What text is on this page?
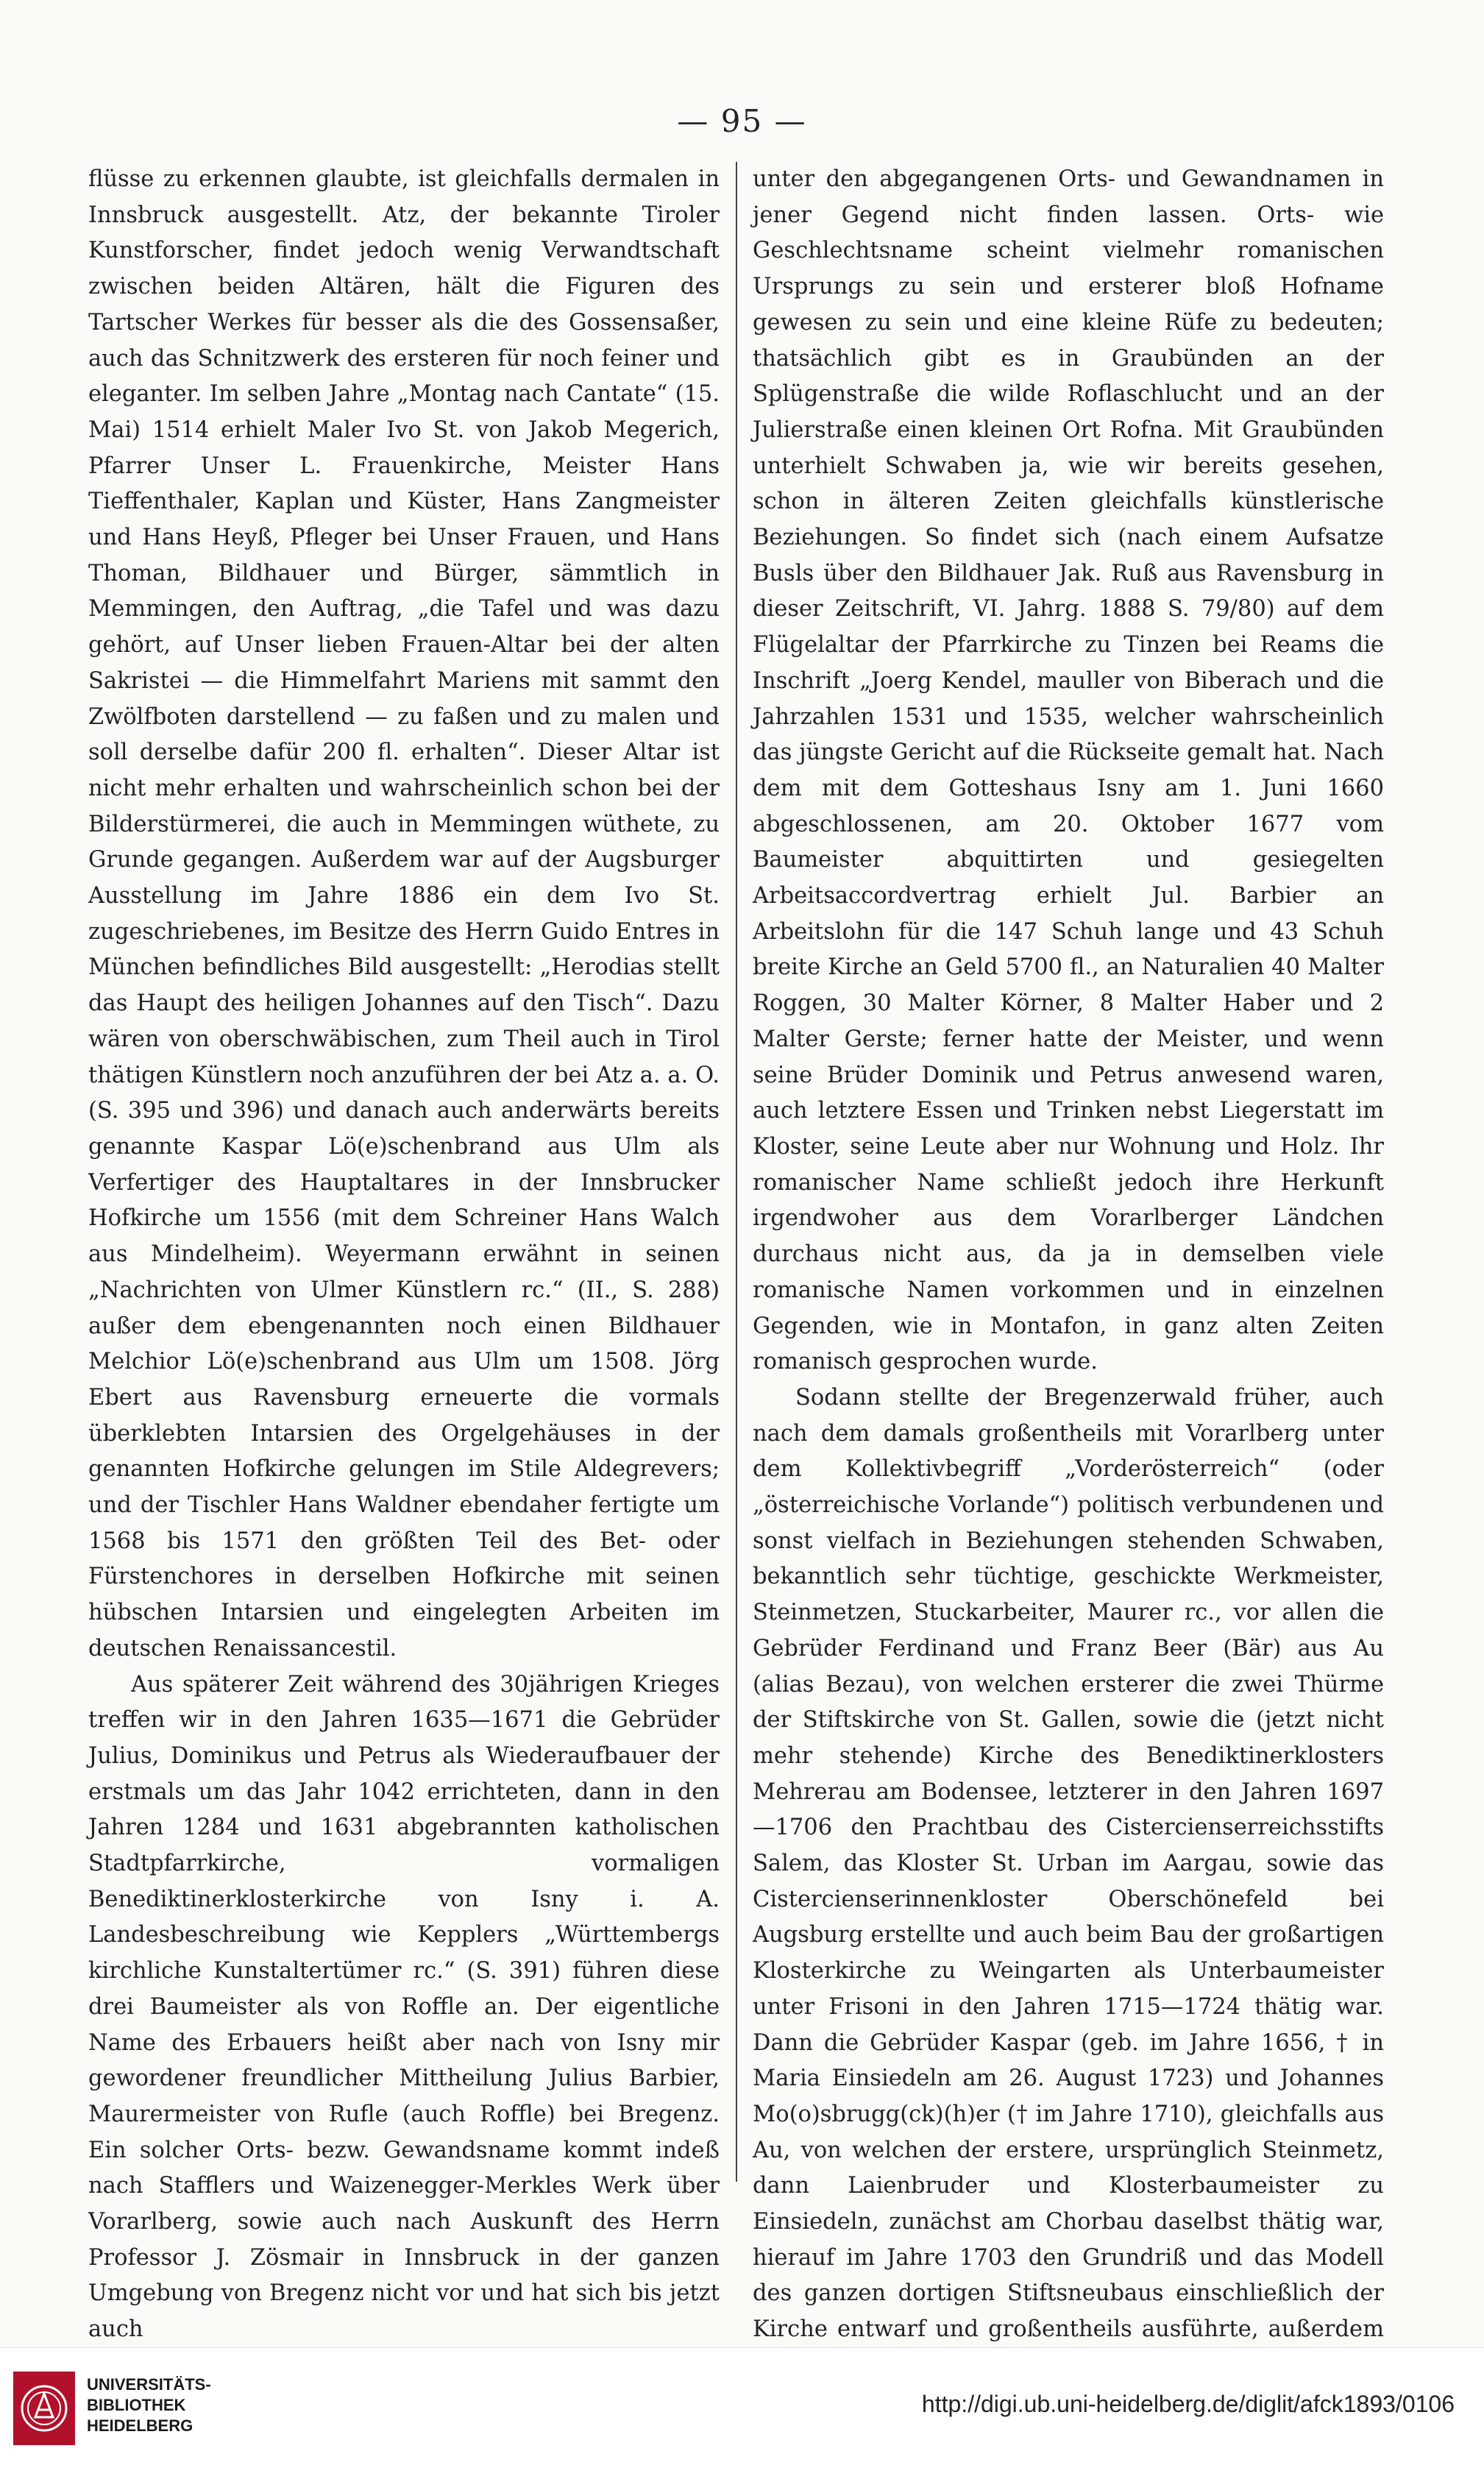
— 95 —

flüsse zu erkennen glaubte, ist gleichfalls dermalen in Innsbruck ausgestellt. Atz, der bekannte Tiroler Kunstforscher, findet jedoch wenig Verwandtschaft zwischen beiden Altären, hält die Figuren des Tartscher Werkes für besser als die des Gossensaßer, auch das Schnitzwerk des ersteren für noch feiner und eleganter. Im selben Jahre „Montag nach Cantate“ (15. Mai) 1514 erhielt Maler Ivo St. von Jakob Megerich, Pfarrer Unser L. Frauenkirche, Meister Hans Tieffenthaler, Kaplan und Küster, Hans Zangmeister und Hans Heyß, Pfleger bei Unser Frauen, und Hans Thoman, Bildhauer und Bürger, sämmtlich in Memmingen, den Auftrag, „die Tafel und was dazu gehört, auf Unser lieben Frauen-Altar bei der alten Sakristei — die Himmelfahrt Mariens mit sammt den Zwölfboten darstellend — zu faßen und zu malen und soll derselbe dafür 200 fl. erhalten“. Dieser Altar ist nicht mehr erhalten und wahrscheinlich schon bei der Bilderstürmerei, die auch in Memmingen wüthete, zu Grunde gegangen. Außerdem war auf der Augsburger Ausstellung im Jahre 1886 ein dem Ivo St. zugeschriebenes, im Besitze des Herrn Guido Entres in München befindliches Bild ausgestellt: „Herodias stellt das Haupt des heiligen Johannes auf den Tisch“. Dazu wären von oberschwäbischen, zum Theil auch in Tirol thätigen Künstlern noch anzuführen der bei Atz a. a. O. (S. 395 und 396) und danach auch anderwärts bereits genannte Kaspar Lö(e)schenbrand aus Ulm als Verfertiger des Hauptaltares in der Innsbrucker Hofkirche um 1556 (mit dem Schreiner Hans Walch aus Mindelheim). Weyermann erwähnt in seinen „Nachrichten von Ulmer Künstlern rc.“ (II., S. 288) außer dem ebengenannten noch einen Bildhauer Melchior Lö(e)schenbrand aus Ulm um 1508. Jörg Ebert aus Ravensburg erneuerte die vormals überklebten Intarsien des Orgelgehäuses in der genannten Hofkirche gelungen im Stile Aldegrevers; und der Tischler Hans Waldner ebendaher fertigte um 1568 bis 1571 den größten Teil des Bet- oder Fürstenchores in derselben Hofkirche mit seinen hübschen Intarsien und eingelegten Arbeiten im deutschen Renaissancestil.

Aus späterer Zeit während des 30jährigen Krieges treffen wir in den Jahren 1635—1671 die Gebrüder Julius, Dominikus und Petrus als Wiederaufbauer der erstmals um das Jahr 1042 errichteten, dann in den Jahren 1284 und 1631 abgebrannten katholischen Stadtpfarrkirche, vormaligen Benediktinerklosterkirche von Isny i. A. Landesbeschreibung wie Kepplers „Württembergs kirchliche Kunstaltertümer rc.“ (S. 391) führen diese drei Baumeister als von Roffle an. Der eigentliche Name des Erbauers heißt aber nach von Isny mir gewordener freundlicher Mittheilung Julius Barbier, Maurermeister von Rufle (auch Roffle) bei Bregenz. Ein solcher Orts- bezw. Gewandsname kommt indeß nach Stafflers und Waizenegger-Merkles Werk über Vorarlberg, sowie auch nach Auskunft des Herrn Professor J. Zösmair in Innsbruck in der ganzen Umgebung von Bregenz nicht vor und hat sich bis jetzt auch

unter den abgegangenen Orts- und Gewandnamen in jener Gegend nicht finden lassen. Orts- wie Geschlechtsname scheint vielmehr romanischen Ursprungs zu sein und ersterer bloß Hofname gewesen zu sein und eine kleine Rüfe zu bedeuten; thatsächlich gibt es in Graubünden an der Splügenstraße die wilde Roflaschlucht und an der Julierstraße einen kleinen Ort Rofna. Mit Graubünden unterhielt Schwaben ja, wie wir bereits gesehen, schon in älteren Zeiten gleichfalls künstlerische Beziehungen. So findet sich (nach einem Aufsatze Busls über den Bildhauer Jak. Ruß aus Ravensburg in dieser Zeitschrift, VI. Jahrg. 1888 S. 79/80) auf dem Flügelaltar der Pfarrkirche zu Tinzen bei Reams die Inschrift „Joerg Kendel, mauller von Biberach und die Jahrzahlen 1531 und 1535, welcher wahrscheinlich das jüngste Gericht auf die Rückseite gemalt hat. Nach dem mit dem Gotteshaus Isny am 1. Juni 1660 abgeschlossenen, am 20. Oktober 1677 vom Baumeister abquittirten und gesiegelten Arbeitsaccordvertrag erhielt Jul. Barbier an Arbeitslohn für die 147 Schuh lange und 43 Schuh breite Kirche an Geld 5700 fl., an Naturalien 40 Malter Roggen, 30 Malter Körner, 8 Malter Haber und 2 Malter Gerste; ferner hatte der Meister, und wenn seine Brüder Dominik und Petrus anwesend waren, auch letztere Essen und Trinken nebst Liegerstatt im Kloster, seine Leute aber nur Wohnung und Holz. Ihr romanischer Name schließt jedoch ihre Herkunft irgendwoher aus dem Vorarlberger Ländchen durchaus nicht aus, da ja in demselben viele romanische Namen vorkommen und in einzelnen Gegenden, wie in Montafon, in ganz alten Zeiten romanisch gesprochen wurde.

Sodann stellte der Bregenzerwald früher, auch nach dem damals großentheils mit Vorarlberg unter dem Kollektivbegriff „Vorderösterreich“ (oder „österreichische Vorlande“) politisch verbundenen und sonst vielfach in Beziehungen stehenden Schwaben, bekanntlich sehr tüchtige, geschickte Werkmeister, Steinmetzen, Stuckarbeiter, Maurer rc., vor allen die Gebrüder Ferdinand und Franz Beer (Bär) aus Au (alias Bezau), von welchen ersterer die zwei Thürme der Stiftskirche von St. Gallen, sowie die (jetzt nicht mehr stehende) Kirche des Benediktinerklosters Mehrerau am Bodensee, letzterer in den Jahren 1697—1706 den Prachtbau des Cistercienserreichsstifts Salem, das Kloster St. Urban im Aargau, sowie das Cistercienserinnenkloster Oberschönefeld bei Augsburg erstellte und auch beim Bau der großartigen Klosterkirche zu Weingarten als Unterbaumeister unter Frisoni in den Jahren 1715—1724 thätig war. Dann die Gebrüder Kaspar (geb. im Jahre 1656, † in Maria Einsiedeln am 26. August 1723) und Johannes Mo(o)sbrugg(ck)(h)er († im Jahre 1710), gleichfalls aus Au, von welchen der erstere, ursprünglich Steinmetz, dann Laienbruder und Klosterbaumeister zu Einsiedeln, zunächst am Chorbau daselbst thätig war, hierauf im Jahre 1703 den Grundriß und das Modell des ganzen dortigen Stiftsneubaus einschließlich der Kirche entwarf und großentheils ausführte, außerdem

UNIVERSITÄTS-
BIBLIOTHEK
HEIDELBERG
http://digi.ub.uni-heidelberg.de/diglit/afck1893/0106
